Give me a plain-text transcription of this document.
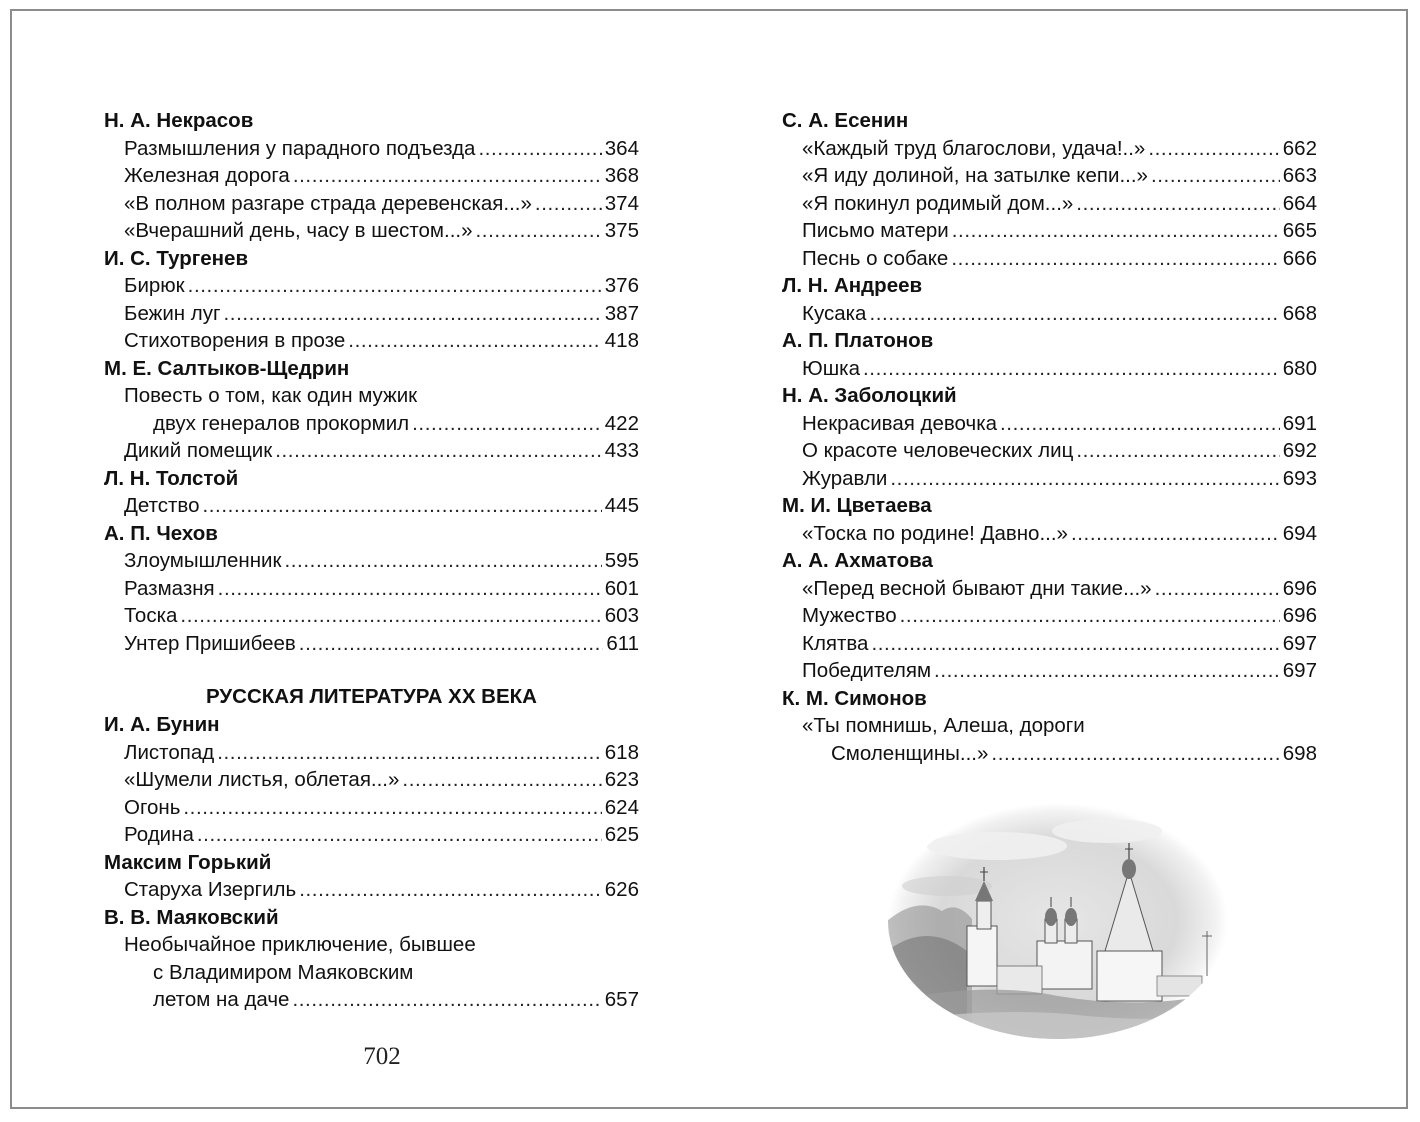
Н. А. Некрасов
Размышления у парадного подъезда .....	364
Железная дорога .....	368
«В полном разгаре страда деревенская...» .....	374
«Вчерашний день, часу в шестом...» .....	375
И. С. Тургенев
Бирюк .....	376
Бежин луг .....	387
Стихотворения в прозе .....	418
М. Е. Салтыков-Щедрин
Повесть о том, как один мужик
двух генералов прокормил .....	422
Дикий помещик .....	433
Л. Н. Толстой
Детство .....	445
А. П. Чехов
Злоумышленник .....	595
Размазня .....	601
Тоска .....	603
Унтер Пришибеев .....	611
РУССКАЯ ЛИТЕРАТУРА XX ВЕКА
И. А. Бунин
Листопад .....	618
«Шумели листья, облетая...» .....	623
Огонь .....	624
Родина .....	625
Максим Горький
Старуха Изергиль .....	626
В. В. Маяковский
Необычайное приключение, бывшее
с Владимиром Маяковским
летом на даче .....	657
С. А. Есенин
«Каждый труд благослови, удача!..» .....	662
«Я иду долиной, на затылке кепи...» .....	663
«Я покинул родимый дом...» .....	664
Письмо матери .....	665
Песнь о собаке .....	666
Л. Н. Андреев
Кусака .....	668
А. П. Платонов
Юшка .....	680
Н. А. Заболоцкий
Некрасивая девочка .....	691
О красоте человеческих лиц .....	692
Журавли .....	693
М. И. Цветаева
«Тоска по родине! Давно...» .....	694
А. А. Ахматова
«Перед весной бывают дни такие...» .....	696
Мужество .....	696
Клятва .....	697
Победителям .....	697
К. М. Симонов
«Ты помнишь, Алеша, дороги
Смоленщины...» .....	698
702
